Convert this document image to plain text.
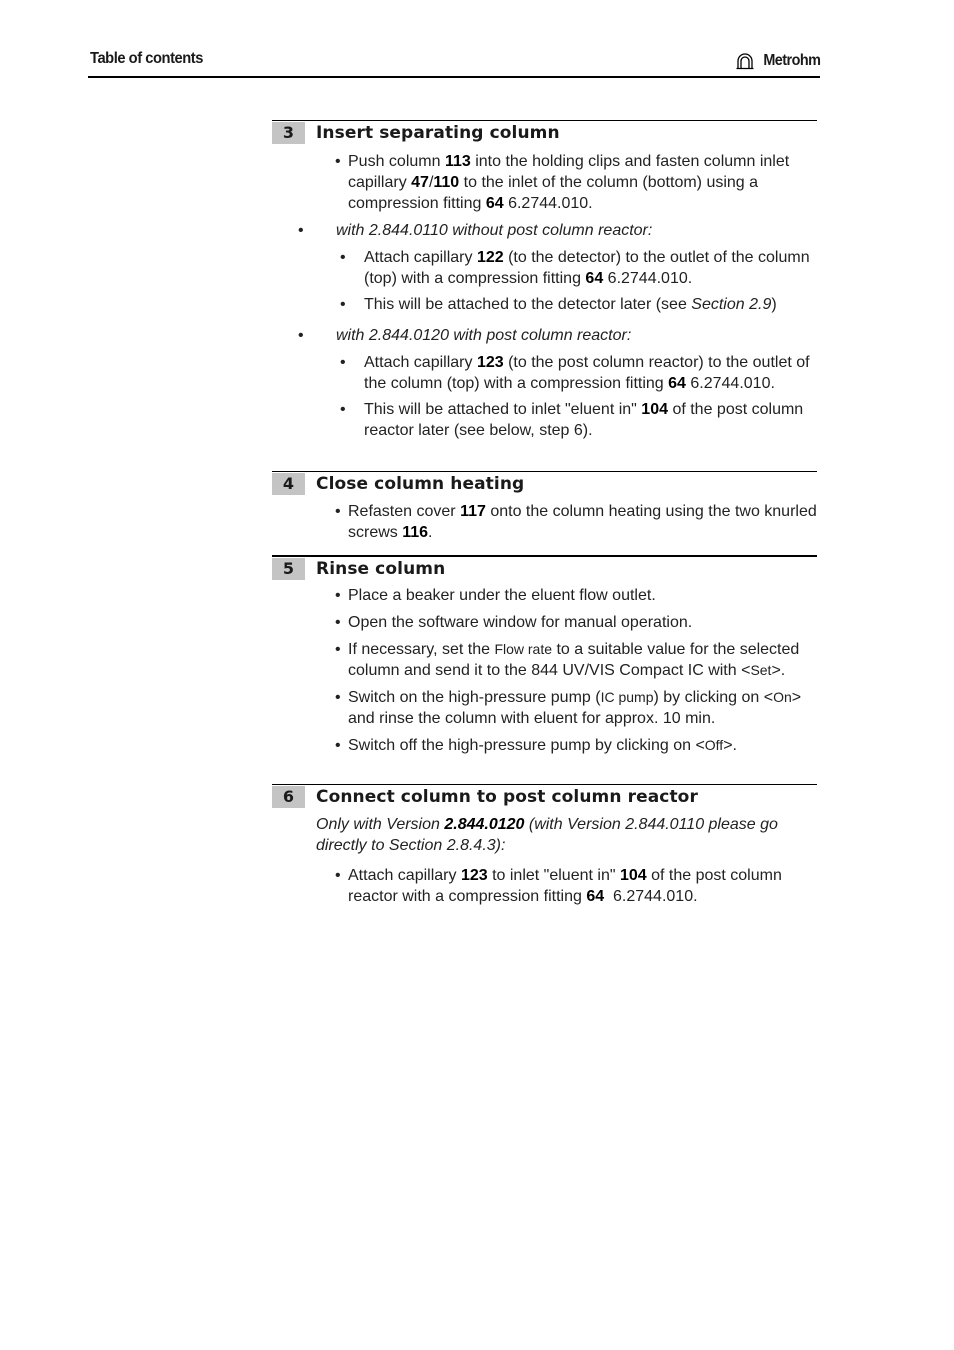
Table of contents	Metrohm
3	Insert separating column
• Push column 113 into the holding clips and fasten column inlet capillary 47/110 to the inlet of the column (bottom) using a compression fitting 64 6.2744.010.
• with 2.844.0110 without post column reactor:
• Attach capillary 122 (to the detector) to the outlet of the column (top) with a compression fitting 64 6.2744.010.
• This will be attached to the detector later (see Section 2.9)
• with 2.844.0120 with post column reactor:
• Attach capillary 123 (to the post column reactor) to the outlet of the column (top) with a compression fitting 64 6.2744.010.
• This will be attached to inlet "eluent in" 104 of the post column reactor later (see below, step 6).
4	Close column heating
• Refasten cover 117 onto the column heating using the two knurled screws 116.
5	Rinse column
• Place a beaker under the eluent flow outlet.
• Open the software window for manual operation.
• If necessary, set the Flow rate to a suitable value for the selected column and send it to the 844 UV/VIS Compact IC with <Set>.
• Switch on the high-pressure pump (IC pump) by clicking on <On> and rinse the column with eluent for approx. 10 min.
• Switch off the high-pressure pump by clicking on <Off>.
6	Connect column to post column reactor
Only with Version 2.844.0120 (with Version 2.844.0110 please go directly to Section 2.8.4.3):
• Attach capillary 123 to inlet "eluent in" 104 of the post column reactor with a compression fitting 64  6.2744.010.
